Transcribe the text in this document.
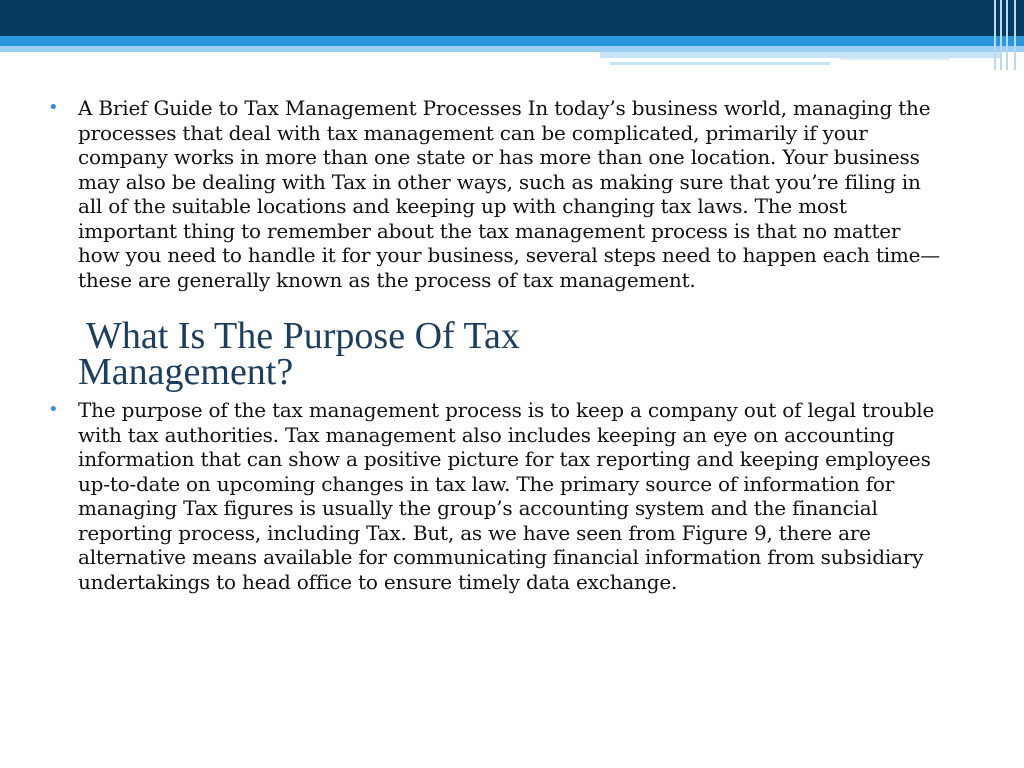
• A Brief Guide to Tax Management Processes In today’s business world, managing the processes that deal with tax management can be complicated, primarily if your company works in more than one state or has more than one location. Your business may also be dealing with Tax in other ways, such as making sure that you’re filing in all of the suitable locations and keeping up with changing tax laws. The most important thing to remember about the tax management process is that no matter how you need to handle it for your business, several steps need to happen each time—these are generally known as the process of tax management.
What Is The Purpose Of Tax
Management?
• The purpose of the tax management process is to keep a company out of legal trouble with tax authorities. Tax management also includes keeping an eye on accounting information that can show a positive picture for tax reporting and keeping employees up-to-date on upcoming changes in tax law. The primary source of information for managing Tax figures is usually the group’s accounting system and the financial reporting process, including Tax. But, as we have seen from Figure 9, there are alternative means available for communicating financial information from subsidiary undertakings to head office to ensure timely data exchange.
